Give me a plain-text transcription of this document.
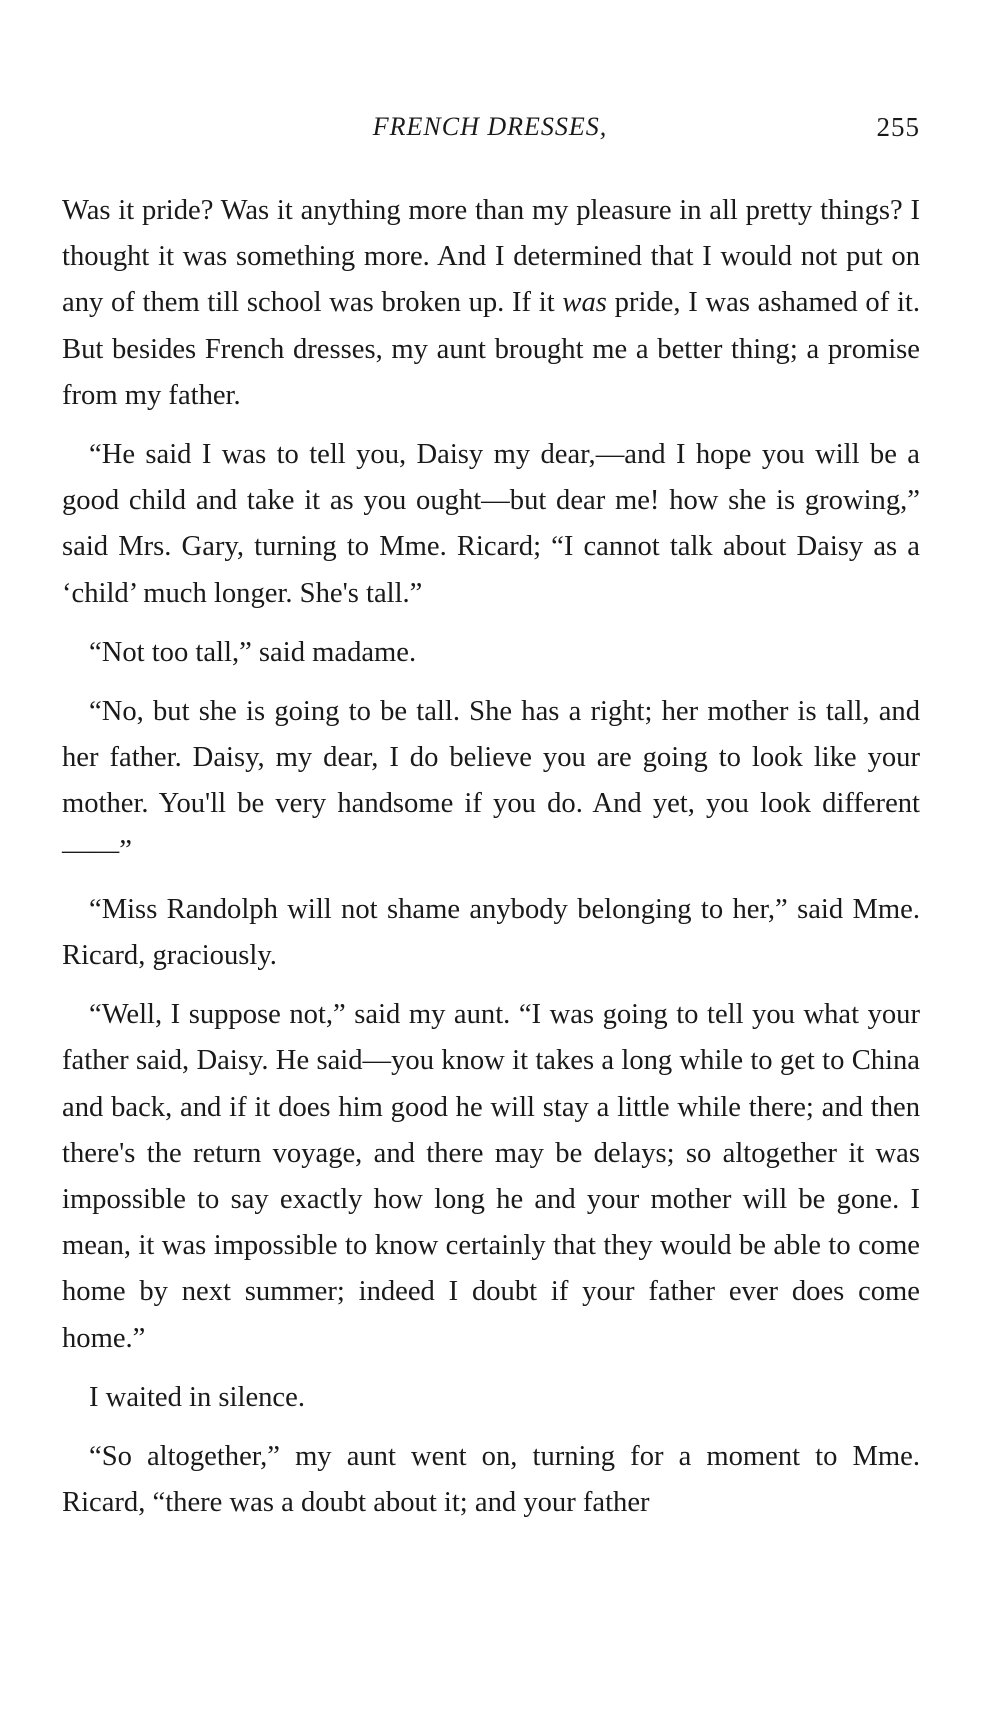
FRENCH DRESSES,	255

Was it pride? Was it anything more than my pleasure in all pretty things? I thought it was something more. And I determined that I would not put on any of them till school was broken up. If it was pride, I was ashamed of it. But besides French dresses, my aunt brought me a better thing; a promise from my father.

“He said I was to tell you, Daisy my dear,—and I hope you will be a good child and take it as you ought—but dear me! how she is growing,” said Mrs. Gary, turning to Mme. Ricard; “I cannot talk about Daisy as a ‘child’ much longer. She's tall.”

“Not too tall,” said madame.

“No, but she is going to be tall. She has a right; her mother is tall, and her father. Daisy, my dear, I do believe you are going to look like your mother. You'll be very handsome if you do. And yet, you look different——”

“Miss Randolph will not shame anybody belonging to her,” said Mme. Ricard, graciously.

“Well, I suppose not,” said my aunt. “I was going to tell you what your father said, Daisy. He said—you know it takes a long while to get to China and back, and if it does him good he will stay a little while there; and then there's the return voyage, and there may be delays; so altogether it was impossible to say exactly how long he and your mother will be gone. I mean, it was impossible to know certainly that they would be able to come home by next summer; indeed I doubt if your father ever does come home.”

I waited in silence.

“So altogether,” my aunt went on, turning for a moment to Mme. Ricard, “there was a doubt about it; and your father
